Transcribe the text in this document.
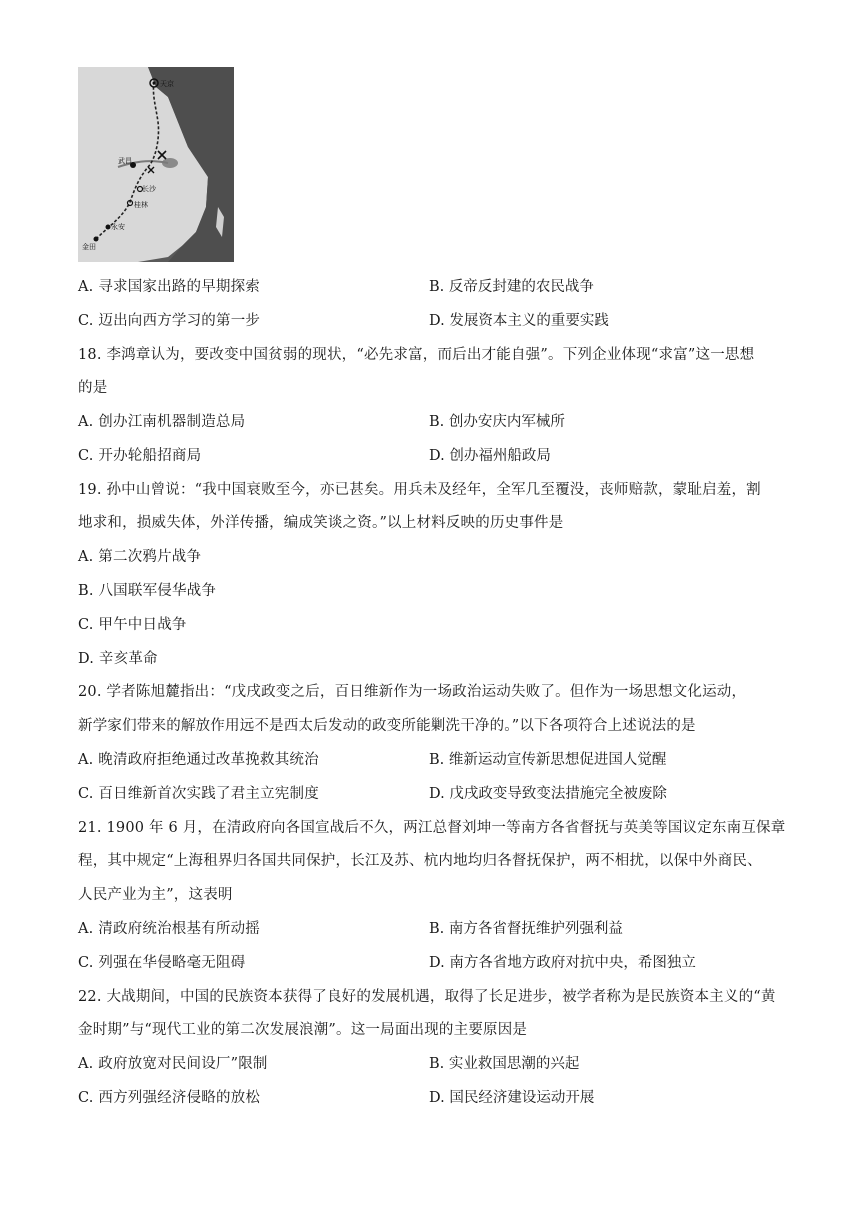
天京
武昌
长沙
桂林
永安
金田
A. 寻求国家出路的早期探索	B. 反帝反封建的农民战争
C. 迈出向西方学习的第一步	D. 发展资本主义的重要实践
18. 李鸿章认为，要改变中国贫弱的现状，“必先求富，而后出才能自强”。下列企业体现“求富”这一思想
的是
A. 创办江南机器制造总局	B. 创办安庆内军械所
C. 开办轮船招商局	D. 创办福州船政局
19. 孙中山曾说：“我中国衰败至今，亦已甚矣。用兵未及经年，全军几至覆没，丧师赔款，蒙耻启羞，割
地求和，损威失体，外洋传播，编成笑谈之资。”以上材料反映的历史事件是
A. 第二次鸦片战争
B. 八国联军侵华战争
C. 甲午中日战争
D. 辛亥革命
20. 学者陈旭麓指出：“戊戌政变之后，百日维新作为一场政治运动失败了。但作为一场思想文化运动，
新学家们带来的解放作用远不是西太后发动的政变所能剿洗干净的。”以下各项符合上述说法的是
A. 晚清政府拒绝通过改革挽救其统治	B. 维新运动宣传新思想促进国人觉醒
C. 百日维新首次实践了君主立宪制度	D. 戊戌政变导致变法措施完全被废除
21. 1900 年 6 月，在清政府向各国宣战后不久，两江总督刘坤一等南方各省督抚与英美等国议定东南互保章
程，其中规定“上海租界归各国共同保护，长江及苏、杭内地均归各督抚保护，两不相扰，以保中外商民、
人民产业为主”，这表明
A. 清政府统治根基有所动摇	B. 南方各省督抚维护列强利益
C. 列强在华侵略毫无阻碍	D. 南方各省地方政府对抗中央，希图独立
22. 大战期间，中国的民族资本获得了良好的发展机遇，取得了长足进步，被学者称为是民族资本主义的“黄
金时期”与“现代工业的第二次发展浪潮”。这一局面出现的主要原因是
A. 政府放宽对民间设厂”限制	B. 实业救国思潮的兴起
C. 西方列强经济侵略的放松	D. 国民经济建设运动开展
